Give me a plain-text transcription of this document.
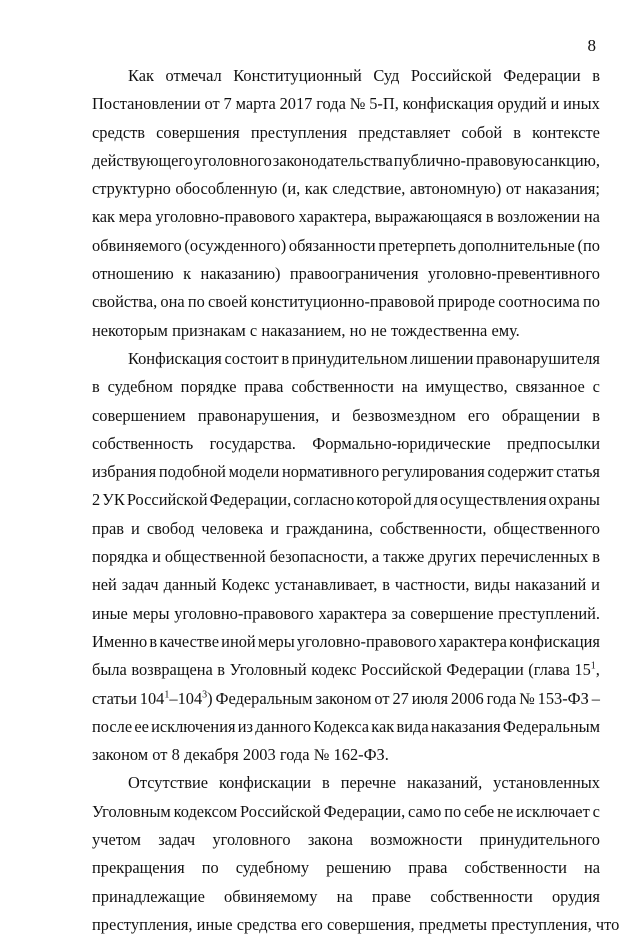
8
Как отмечал Конституционный Суд Российской Федерации в
Постановлении от 7 марта 2017 года № 5-П, конфискация орудий и иных
средств совершения преступления представляет собой в контексте
действующего уголовного законодательства публично-правовую санкцию,
структурно обособленную (и, как следствие, автономную) от наказания;
как мера уголовно-правового характера, выражающаяся в возложении на
обвиняемого (осужденного) обязанности претерпеть дополнительные (по
отношению к наказанию) правоограничения уголовно-превентивного
свойства, она по своей конституционно-правовой природе соотносима по
некоторым признакам с наказанием, но не тождественна ему.
Конфискация состоит в принудительном лишении правонарушителя
в судебном порядке права собственности на имущество, связанное с
совершением правонарушения, и безвозмездном его обращении в
собственность государства. Формально-юридические предпосылки
избрания подобной модели нормативного регулирования содержит статья
2 УК Российской Федерации, согласно которой для осуществления охраны
прав и свобод человека и гражданина, собственности, общественного
порядка и общественной безопасности, а также других перечисленных в
ней задач данный Кодекс устанавливает, в частности, виды наказаний и
иные меры уголовно-правового характера за совершение преступлений.
Именно в качестве иной меры уголовно-правового характера конфискация
была возвращена в Уголовный кодекс Российской Федерации (глава $15^1$,
статьи $104^1-104^3$) Федеральным законом от 27 июля 2006 года № 153-ФЗ –
после ее исключения из данного Кодекса как вида наказания Федеральным
законом от 8 декабря 2003 года № 162-ФЗ.
Отсутствие конфискации в перечне наказаний, установленных
Уголовным кодексом Российской Федерации, само по себе не исключает с
учетом задач уголовного закона возможности принудительного
прекращения по судебному решению права собственности на
принадлежащие обвиняемому на праве собственности орудия
преступления, иные средства его совершения, предметы преступления, что
